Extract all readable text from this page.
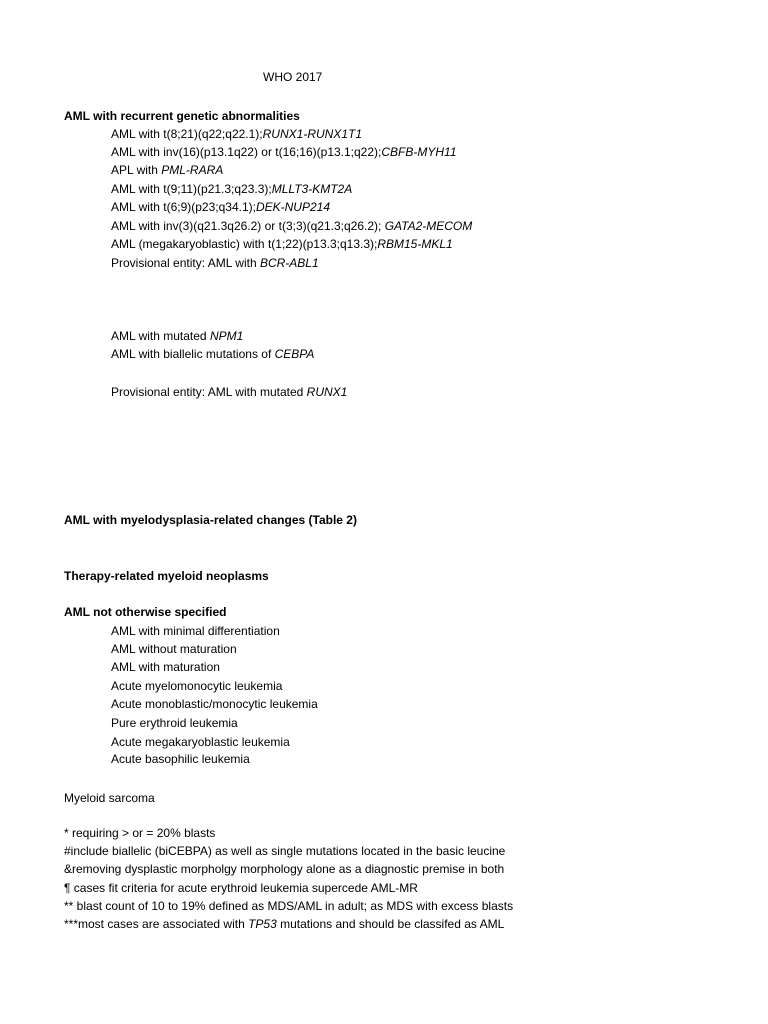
WHO 2017
AML with recurrent genetic abnormalities
AML with t(8;21)(q22;q22.1);RUNX1-RUNX1T1
AML with inv(16)(p13.1q22) or t(16;16)(p13.1;q22);CBFB-MYH11
APL with PML-RARA
AML with t(9;11)(p21.3;q23.3);MLLT3-KMT2A
AML with t(6;9)(p23;q34.1);DEK-NUP214
AML with inv(3)(q21.3q26.2) or t(3;3)(q21.3;q26.2); GATA2-MECOM
AML (megakaryoblastic) with t(1;22)(p13.3;q13.3);RBM15-MKL1
Provisional entity: AML with BCR-ABL1
AML with mutated NPM1
AML with biallelic mutations of CEBPA
Provisional entity: AML with mutated RUNX1
AML with myelodysplasia-related changes (Table 2)
Therapy-related myeloid neoplasms
AML not otherwise specified
AML with minimal differentiation
AML without maturation
AML with maturation
Acute myelomonocytic leukemia
Acute monoblastic/monocytic leukemia
Pure erythroid leukemia
Acute megakaryoblastic leukemia
Acute basophilic leukemia
Myeloid sarcoma
* requiring > or = 20% blasts
#include biallelic (biCEBPA) as well as single mutations located in the basic leucine
&removing dysplastic morpholgy morphology alone as a diagnostic premise in both
¶ cases fit criteria for acute erythroid leukemia supercede AML-MR
** blast count of 10 to 19% defined as MDS/AML in adult; as MDS with excess blasts
***most cases are associated with TP53 mutations and should be classifed as AML
